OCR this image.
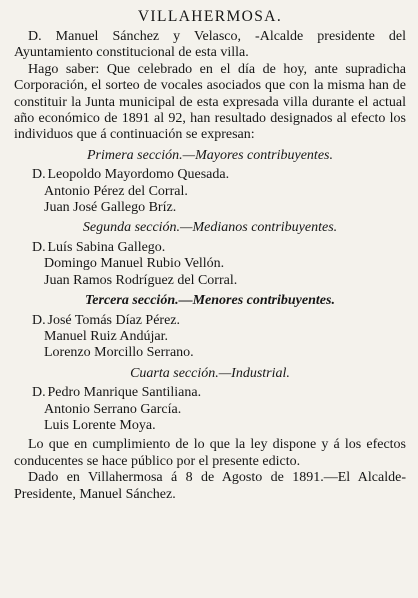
VILLAHERMOSA.

D. Manuel Sánchez y Velasco, -Alcalde presidente del Ayuntamiento constitucional de esta villa.

Hago saber: Que celebrado en el día de hoy, ante supradicha Corporación, el sorteo de vocales asociados que con la misma han de constituir la Junta municipal de esta expresada villa durante el actual año económico de 1891 al 92, han resultado designados al efecto los individuos que á continuación se expresan:

Primera sección.—Mayores contribuyentes.
D. Leopoldo Mayordomo Quesada.
Antonio Pérez del Corral.
Juan José Gallego Bríz.
Segunda sección.—Medianos contribuyentes.
D. Luís Sabina Gallego.
Domingo Manuel Rubio Vellón.
Juan Ramos Rodríguez del Corral.
Tercera sección.—Menores contribuyentes.
D. José Tomás Díaz Pérez.
Manuel Ruiz Andújar.
Lorenzo Morcillo Serrano.
Cuarta sección.—Industrial.
D. Pedro Manrique Santiliana.
Antonio Serrano García.
Luis Lorente Moya.

Lo que en cumplimiento de lo que la ley dispone y á los efectos conducentes se hace público por el presente edicto.

Dado en Villahermosa á 8 de Agosto de 1891.—El Alcalde-Presidente, Manuel Sánchez.
